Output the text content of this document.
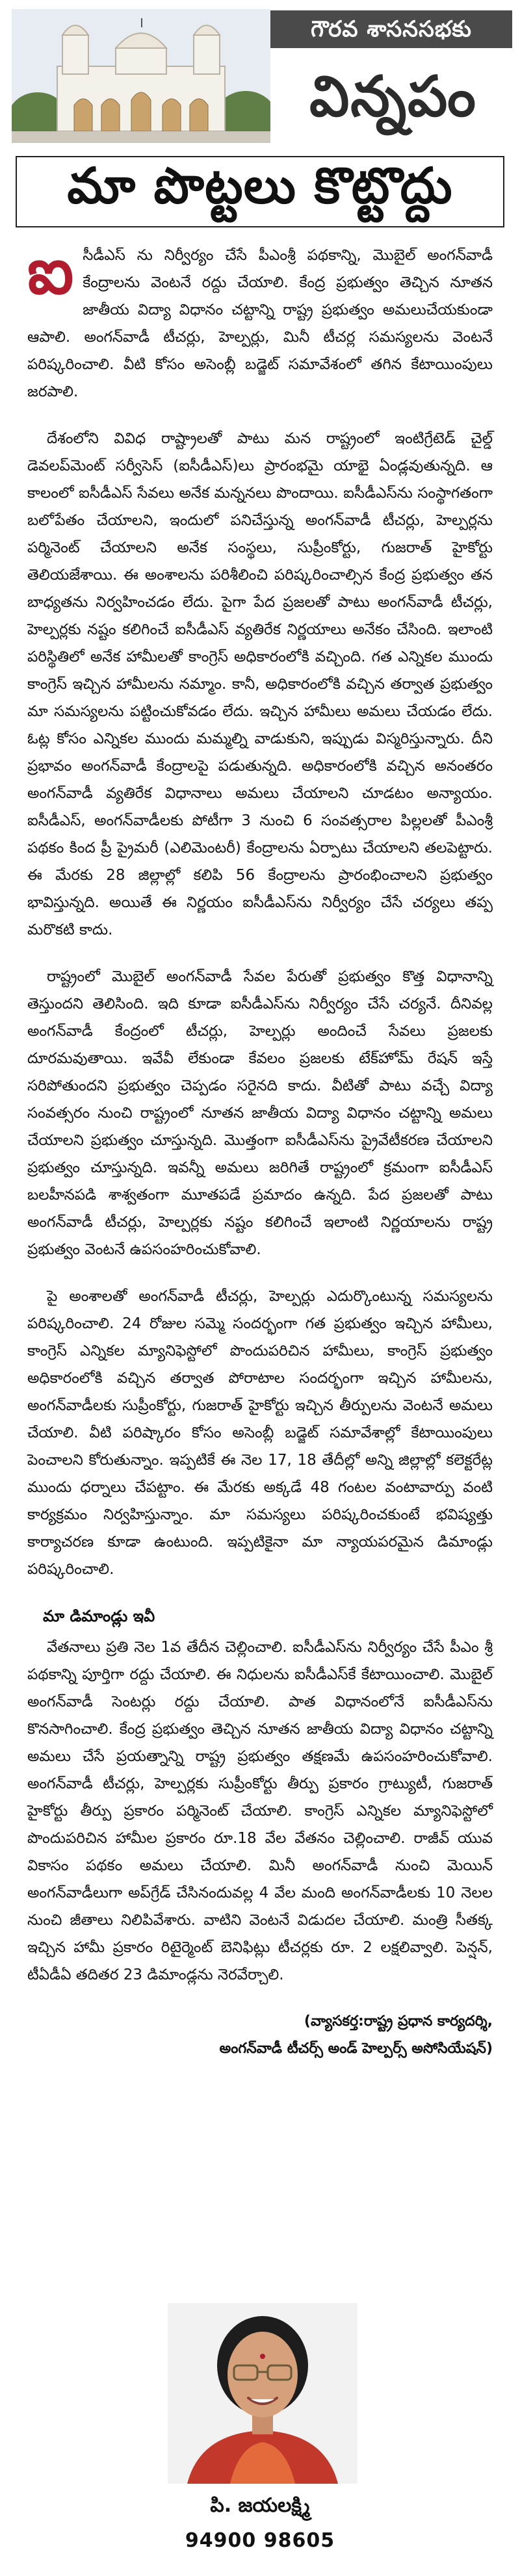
గౌరవ శాసనసభకు
విన్నపం
మా పొట్టలు కొట్టొద్దు

ఐ సీడీఎస్ ను నిర్వీర్యం చేసే పీఎంశ్రీ పథకాన్ని, మొబైల్ అంగన్‌వాడీ కేంద్రాలను వెంటనే రద్దు చేయాలి. కేంద్ర ప్రభుత్వం తెచ్చిన నూతన జాతీయ విద్యా విధానం చట్టాన్ని రాష్ట్ర ప్రభుత్వం అమలుచేయకుండా ఆపాలి. అంగన్‌వాడీ టీచర్లు, హెల్పర్లు, మినీ టీచర్ల సమస్యలను వెంటనే పరిష్కరించాలి. వీటి కోసం అసెంబ్లీ బడ్జెట్ సమావేశంలో తగిన కేటాయింపులు జరపాలి.

దేశంలోని వివిధ రాష్ట్రాలతో పాటు మన రాష్ట్రంలో ఇంటిగ్రేటెడ్ చైల్డ్ డెవలప్‌మెంట్ సర్వీసెస్ (ఐసీడీఎస్)లు ప్రారంభమై యాభై ఏండ్లవుతున్నది. ఆ కాలంలో ఐసీడీఎస్ సేవలు అనేక మన్ననలు పొందాయి. ఐసీడీఎస్‌ను సంస్థాగతంగా బలోపేతం చేయాలని, ఇందులో పనిచేస్తున్న అంగన్‌వాడీ టీచర్లు, హెల్పర్లను పర్మినెంట్ చేయాలని అనేక సంస్థలు, సుప్రీంకోర్టు, గుజరాత్ హైకోర్టు తెలియజేశాయి. ఈ అంశాలను పరిశీలించి పరిష్కరించాల్సిన కేంద్ర ప్రభుత్వం తన బాధ్యతను నిర్వహించడం లేదు. పైగా పేద ప్రజలతో పాటు అంగన్‌వాడీ టీచర్లు, హెల్పర్లకు నష్టం కలిగించే ఐసీడీఎస్ వ్యతిరేక నిర్ణయాలు అనేకం చేసింది. ఇలాంటి పరిస్థితిలో అనేక హామీలతో కాంగ్రెస్ అధికారంలోకి వచ్చింది. గత ఎన్నికల ముందు కాంగ్రెస్ ఇచ్చిన హామీలను నమ్మాం. కానీ, అధికారంలోకి వచ్చిన తర్వాత ప్రభుత్వం మా సమస్యలను పట్టించుకోవడం లేదు. ఇచ్చిన హామీలు అమలు చేయడం లేదు. ఓట్ల కోసం ఎన్నికల ముందు మమ్మల్ని వాడుకుని, ఇప్పుడు విస్మరిస్తున్నారు. దీని ప్రభావం అంగన్‌వాడీ కేంద్రాలపై పడుతున్నది. అధికారంలోకి వచ్చిన అనంతరం అంగన్‌వాడీ వ్యతిరేక విధానాలు అమలు చేయాలని చూడటం అన్యాయం. ఐసీడీఎస్, అంగన్‌వాడీలకు పోటీగా 3 నుంచి 6 సంవత్సరాల పిల్లలతో పీఎంశ్రీ పథకం కింద ప్రీ ప్రైమరీ (ఎలిమెంటరీ) కేంద్రాలను ఏర్పాటు చేయాలని తలపెట్టారు. ఈ మేరకు 28 జిల్లాల్లో కలిపి 56 కేంద్రాలను ప్రారంభించాలని ప్రభుత్వం భావిస్తున్నది. అయితే ఈ నిర్ణయం ఐసీడీఎస్‌ను నిర్వీర్యం చేసే చర్యలు తప్ప మరొకటి కాదు.

రాష్ట్రంలో మొబైల్ అంగన్‌వాడీ సేవల పేరుతో ప్రభుత్వం కొత్త విధానాన్ని తెస్తుందని తెలిసింది. ఇది కూడా ఐసీడీఎస్‌ను నిర్వీర్యం చేసే చర్యనే. దీనివల్ల అంగన్‌వాడీ కేంద్రంలో టీచర్లు, హెల్పర్లు అందించే సేవలు ప్రజలకు దూరమవుతాయి. ఇవేవీ లేకుండా కేవలం ప్రజలకు టేక్‌హోమ్ రేషన్ ఇస్తే సరిపోతుందని ప్రభుత్వం చెప్పడం సరైనది కాదు. వీటితో పాటు వచ్చే విద్యా సంవత్సరం నుంచి రాష్ట్రంలో నూతన జాతీయ విద్యా విధానం చట్టాన్ని అమలు చేయాలని ప్రభుత్వం చూస్తున్నది. మొత్తంగా ఐసీడీఎస్‌ను ప్రైవేటీకరణ చేయాలని ప్రభుత్వం చూస్తున్నది. ఇవన్నీ అమలు జరిగితే రాష్ట్రంలో క్రమంగా ఐసీడీఎస్ బలహీనపడి శాశ్వతంగా మూతపడే ప్రమాదం ఉన్నది. పేద ప్రజలతో పాటు అంగన్‌వాడీ టీచర్లు, హెల్పర్లకు నష్టం కలిగించే ఇలాంటి నిర్ణయాలను రాష్ట్ర ప్రభుత్వం వెంటనే ఉపసంహరించుకోవాలి.

పై అంశాలతో అంగన్‌వాడీ టీచర్లు, హెల్పర్లు ఎదుర్కొంటున్న సమస్యలను పరిష్కరించాలి. 24 రోజుల సమ్మె సందర్భంగా గత ప్రభుత్వం ఇచ్చిన హామీలు, కాంగ్రెస్ ఎన్నికల మ్యానిఫెస్టోలో పొందుపరిచిన హామీలు, కాంగ్రెస్ ప్రభుత్వం అధికారంలోకి వచ్చిన తర్వాత పోరాటాల సందర్భంగా ఇచ్చిన హామీలను, అంగన్‌వాడీలకు సుప్రీంకోర్టు, గుజరాత్ హైకోర్టు ఇచ్చిన తీర్పులను వెంటనే అమలు చేయాలి. వీటి పరిష్కారం కోసం అసెంబ్లీ బడ్జెట్ సమావేశాల్లో కేటాయింపులు పెంచాలని కోరుతున్నాం. ఇప్పటికే ఈ నెల 17, 18 తేదీల్లో అన్ని జిల్లాల్లో కలెక్టరేట్ల ముందు ధర్నాలు చేపట్టాం. ఈ మేరకు అక్కడే 48 గంటల వంటావార్పు వంటి కార్యక్రమం నిర్వహిస్తున్నాం. మా సమస్యలు పరిష్కరించకుంటే భవిష్యత్తు కార్యాచరణ కూడా ఉంటుంది. ఇప్పటికైనా మా న్యాయపరమైన డిమాండ్లు పరిష్కరించాలి.

మా డిమాండ్లు ఇవీ

వేతనాలు ప్రతి నెల 1వ తేదీన చెల్లించాలి. ఐసీడీఎస్‌ను నిర్వీర్యం చేసే పీఎం శ్రీ పథకాన్ని పూర్తిగా రద్దు చేయాలి. ఈ నిధులను ఐసీడీఎస్‌కే కేటాయించాలి. మొబైల్ అంగన్‌వాడీ సెంటర్లు రద్దు చేయాలి. పాత విధానంలోనే ఐసీడీఎస్‌ను కొనసాగించాలి. కేంద్ర ప్రభుత్వం తెచ్చిన నూతన జాతీయ విద్యా విధానం చట్టాన్ని అమలు చేసే ప్రయత్నాన్ని రాష్ట్ర ప్రభుత్వం తక్షణమే ఉపసంహరించుకోవాలి. అంగన్‌వాడీ టీచర్లు, హెల్పర్లకు సుప్రీంకోర్టు తీర్పు ప్రకారం గ్రాట్యుటీ, గుజరాత్ హైకోర్టు తీర్పు ప్రకారం పర్మినెంట్ చేయాలి. కాంగ్రెస్ ఎన్నికల మ్యానిఫెస్టోలో పొందుపరిచిన హామీల ప్రకారం రూ.18 వేల వేతనం చెల్లించాలి. రాజీవ్ యువ వికాసం పథకం అమలు చేయాలి. మినీ అంగన్‌వాడీ నుంచి మెయిన్ అంగన్‌వాడీలుగా అప్‌గ్రేడ్ చేసినందువల్ల 4 వేల మంది అంగన్‌వాడీలకు 10 నెలల నుంచి జీతాలు నిలిపివేశారు. వాటిని వెంటనే విడుదల చేయాలి. మంత్రి సీతక్క ఇచ్చిన హామీ ప్రకారం రిటైర్మెంట్ బెనిఫిట్లు టీచర్లకు రూ. 2 లక్షలివ్వాలి. పెన్షన్, టీఏడీఏ తదితర 23 డిమాండ్లను నెరవేర్చాలి.

(వ్యాసకర్త:రాష్ట్ర ప్రధాన కార్యదర్శి,
అంగన్‌వాడీ టీచర్స్ అండ్ హెల్పర్స్ అసోసియేషన్)
పి. జయలక్ష్మి
94900 98605
